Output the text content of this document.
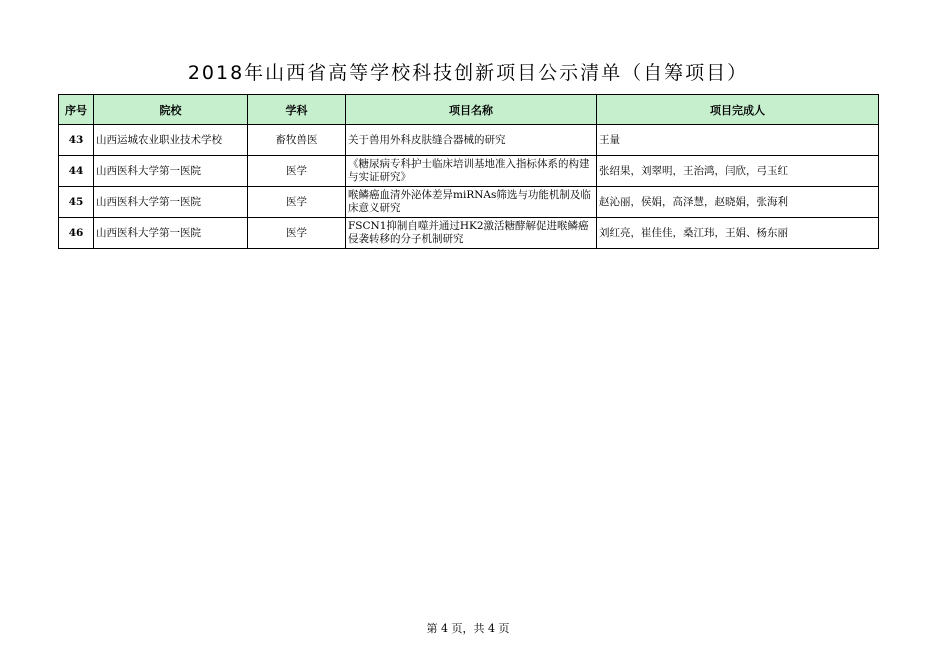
2018年山西省高等学校科技创新项目公示清单（自筹项目）
序号	院校	学科	项目名称	项目完成人
43	山西运城农业职业技术学校	畜牧兽医	关于兽用外科皮肤缝合器械的研究	王量
44	山西医科大学第一医院	医学	《糖尿病专科护士临床培训基地准入指标体系的构建与实证研究》	张绍果，刘翠明，王治鸿，闫欣，弓玉红
45	山西医科大学第一医院	医学	喉鳞癌血清外泌体差异miRNAs筛选与功能机制及临床意义研究	赵沁丽，侯娟，高泽慧，赵晓娟，张海利
46	山西医科大学第一医院	医学	FSCN1抑制自噬并通过HK2激活糖酵解促进喉鳞癌侵袭转移的分子机制研究	刘红亮，崔佳佳，桑江玮，王娟、杨东丽
第 4 页，共 4 页
